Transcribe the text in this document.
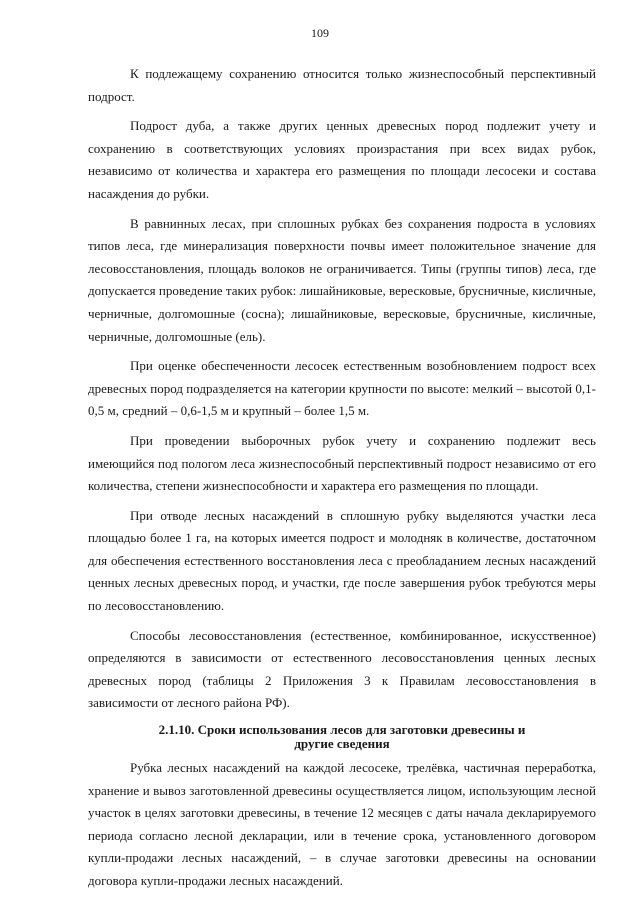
109

К подлежащему сохранению относится только жизнеспособный перспективный подрост.

Подрост дуба, а также других ценных древесных пород подлежит учету и сохранению в соответствующих условиях произрастания при всех видах рубок, независимо от количества и характера его размещения по площади лесосеки и состава насаждения до рубки.

В равнинных лесах, при сплошных рубках без сохранения подроста в условиях типов леса, где минерализация поверхности почвы имеет положительное значение для лесовосстановления, площадь волоков не ограничивается. Типы (группы типов) леса, где допускается проведение таких рубок: лишайниковые, вересковые, брусничные, кисличные, черничные, долгомошные (сосна); лишайниковые, вересковые, брусничные, кисличные, черничные, долгомошные (ель).

При оценке обеспеченности лесосек естественным возобновлением подрост всех древесных пород подразделяется на категории крупности по высоте: мелкий – высотой 0,1-0,5 м, средний – 0,6-1,5 м и крупный – более 1,5 м.

При проведении выборочных рубок учету и сохранению подлежит весь имеющийся под пологом леса жизнеспособный перспективный подрост независимо от его количества, степени жизнеспособности и характера его размещения по площади.

При отводе лесных насаждений в сплошную рубку выделяются участки леса площадью более 1 га, на которых имеется подрост и молодняк в количестве, достаточном для обеспечения естественного восстановления леса с преобладанием лесных насаждений ценных лесных древесных пород, и участки, где после завершения рубок требуются меры по лесовосстановлению.

Способы лесовосстановления (естественное, комбинированное, искусственное) определяются в зависимости от естественного лесовосстановления ценных лесных древесных пород (таблицы 2 Приложения 3 к Правилам лесовосстановления в зависимости от лесного района РФ).

2.1.10. Сроки использования лесов для заготовки древесины и
другие сведения

Рубка лесных насаждений на каждой лесосеке, трелёвка, частичная переработка, хранение и вывоз заготовленной древесины осуществляется лицом, использующим лесной участок в целях заготовки древесины, в течение 12 месяцев с даты начала декларируемого периода согласно лесной декларации, или в течение срока, установленного договором купли-продажи лесных насаждений, – в случае заготовки древесины на основании договора купли-продажи лесных насаждений.
